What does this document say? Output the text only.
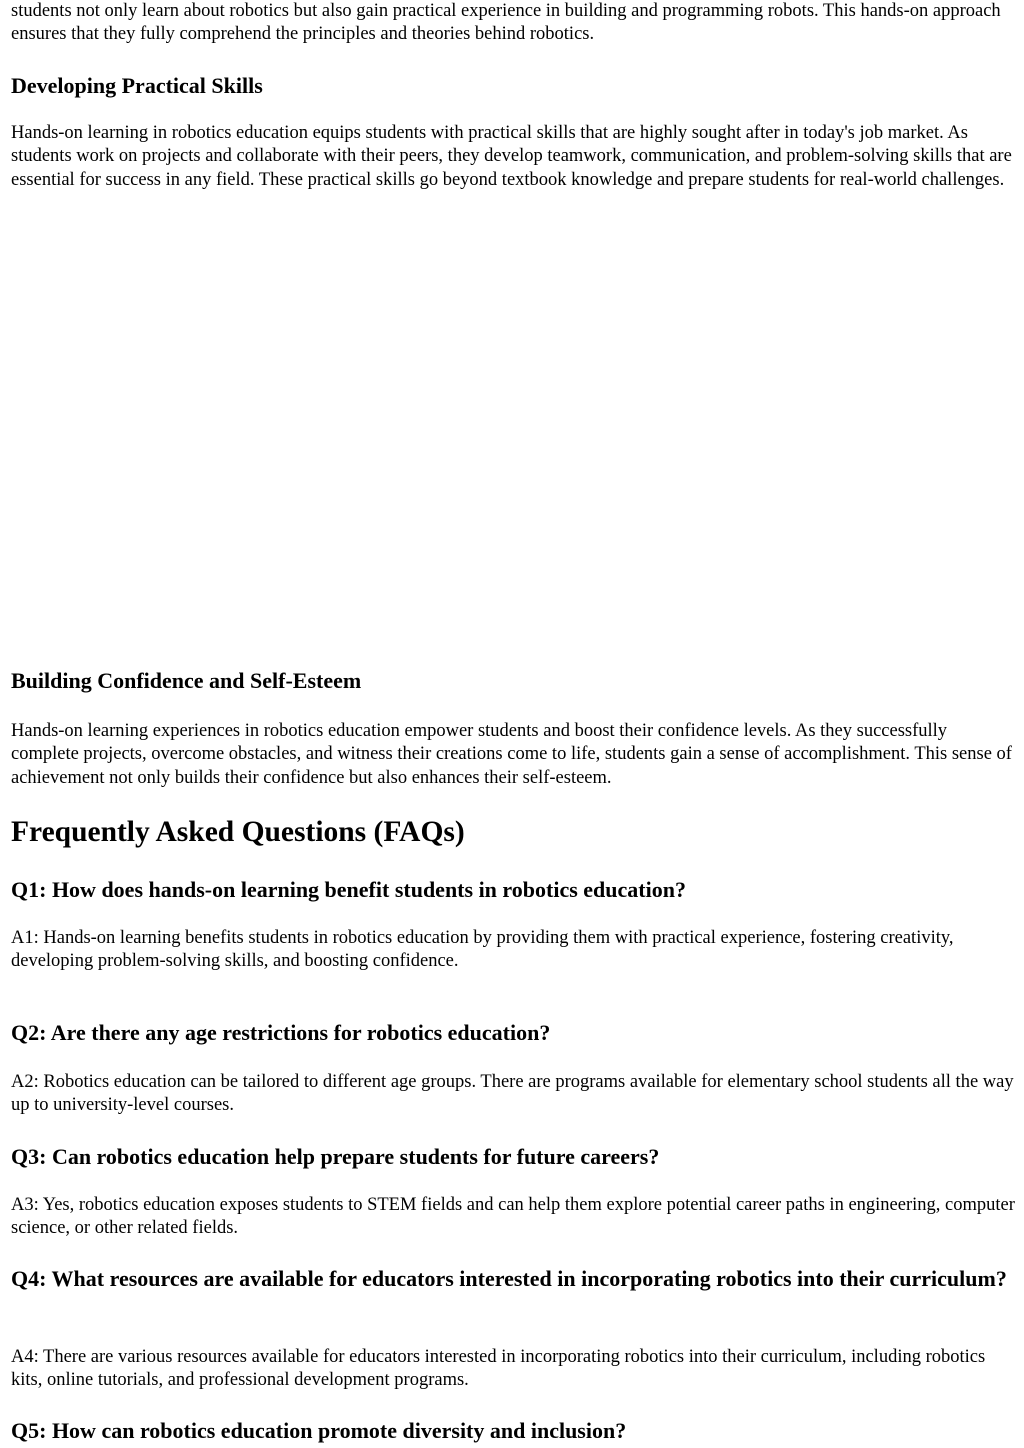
students not only learn about robotics but also gain practical experience in building and programming robots. This hands-on approach ensures that they fully comprehend the principles and theories behind robotics.

Developing Practical Skills

Hands-on learning in robotics education equips students with practical skills that are highly sought after in today's job market. As students work on projects and collaborate with their peers, they develop teamwork, communication, and problem-solving skills that are essential for success in any field. These practical skills go beyond textbook knowledge and prepare students for real-world challenges.

Building Confidence and Self-Esteem

Hands-on learning experiences in robotics education empower students and boost their confidence levels. As they successfully complete projects, overcome obstacles, and witness their creations come to life, students gain a sense of accomplishment. This sense of achievement not only builds their confidence but also enhances their self-esteem.

Frequently Asked Questions (FAQs)
Q1: How does hands-on learning benefit students in robotics education?

A1: Hands-on learning benefits students in robotics education by providing them with practical experience, fostering creativity, developing problem-solving skills, and boosting confidence.

Q2: Are there any age restrictions for robotics education?

A2: Robotics education can be tailored to different age groups. There are programs available for elementary school students all the way up to university-level courses.

Q3: Can robotics education help prepare students for future careers?

A3: Yes, robotics education exposes students to STEM fields and can help them explore potential career paths in engineering, computer science, or other related fields.

Q4: What resources are available for educators interested in incorporating robotics into their curriculum?

A4: There are various resources available for educators interested in incorporating robotics into their curriculum, including robotics kits, online tutorials, and professional development programs.

Q5: How can robotics education promote diversity and inclusion?
